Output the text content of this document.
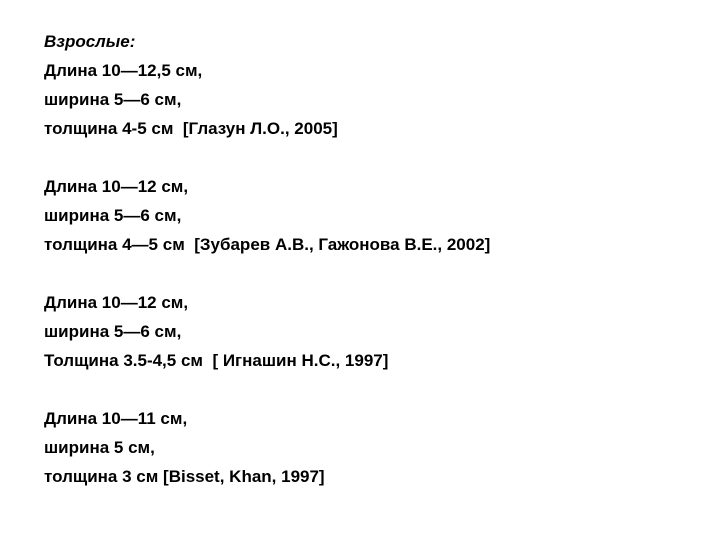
Взрослые:
Длина 10—12,5 см,
ширина 5—6 см,
толщина 4-5 см  [Глазун Л.О., 2005]
Длина 10—12 см,
ширина 5—6 см,
толщина 4—5 см  [Зубарев А.В., Гажонова В.Е., 2002]
Длина 10—12 см,
ширина 5—6 см,
Толщина 3.5-4,5 см  [ Игнашин Н.С., 1997]
Длина 10—11 см,
ширина 5 см,
толщина 3 см [Bisset, Khan, 1997]
